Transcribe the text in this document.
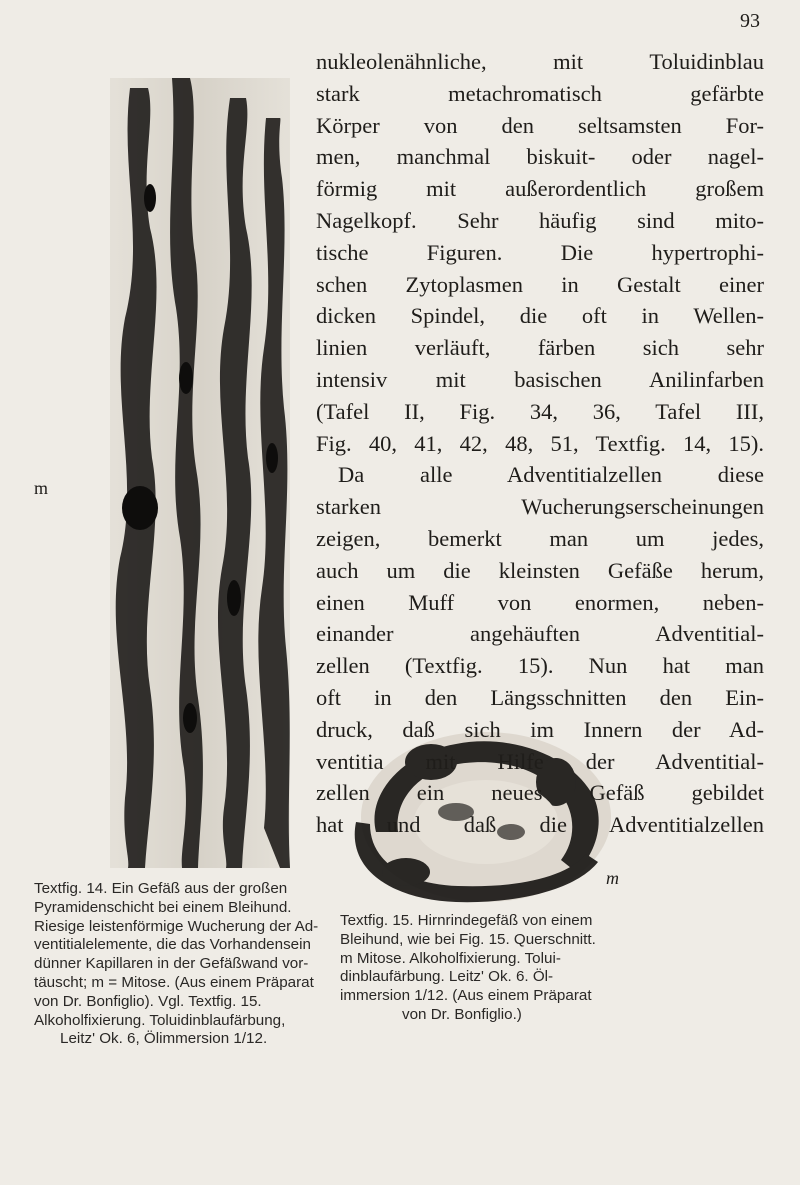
93
m
m
nukleolenähnliche, mit Toluidinblau
stark metachromatisch gefärbte
Körper von den seltsamsten For-
men, manchmal biskuit- oder nagel-
förmig mit außerordentlich großem
Nagelkopf. Sehr häufig sind mito-
tische Figuren. Die hypertrophi-
schen Zytoplasmen in Gestalt einer
dicken Spindel, die oft in Wellen-
linien verläuft, färben sich sehr
intensiv mit basischen Anilinfarben
(Tafel II, Fig. 34, 36, Tafel III,
Fig. 40, 41, 42, 48, 51, Textfig. 14, 15).
Da alle Adventitialzellen diese
starken Wucherungserscheinungen
zeigen, bemerkt man um jedes,
auch um die kleinsten Gefäße herum,
einen Muff von enormen, neben-
einander angehäuften Adventitial-
zellen (Textfig. 15). Nun hat man
oft in den Längsschnitten den Ein-
druck, daß sich im Innern der Ad-
ventitia mit Hilfe der Adventitial-
zellen ein neues Gefäß gebildet
hat und daß die Adventitialzellen
Textfig. 14. Ein Gefäß aus der großen
Pyramidenschicht bei einem Bleihund.
Riesige leistenförmige Wucherung der Ad-
ventitialelemente, die das Vorhandensein
dünner Kapillaren in der Gefäßwand vor-
täuscht; m = Mitose. (Aus einem Präparat
von Dr. Bonfiglio). Vgl. Textfig. 15.
Alkoholfixierung. Toluidinblaufärbung,
Leitz' Ok. 6, Ölimmersion 1/12.
Textfig. 15. Hirnrindegefäß von einem
Bleihund, wie bei Fig. 15. Querschnitt.
m Mitose. Alkoholfixierung. Tolui-
dinblaufärbung. Leitz' Ok. 6. Öl-
immersion 1/12. (Aus einem Präparat
von Dr. Bonfiglio.)
